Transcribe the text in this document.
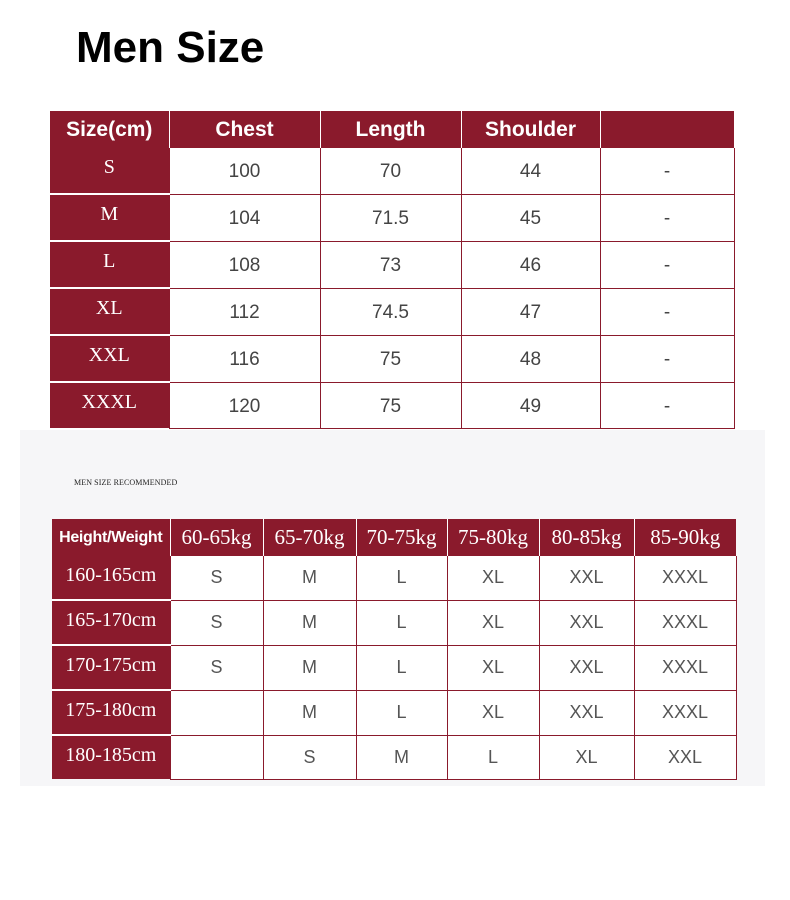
Men Size
Size(cm)	Chest	Length	Shoulder	
S	100	70	44	-
M	104	71.5	45	-
L	108	73	46	-
XL	112	74.5	47	-
XXL	116	75	48	-
XXXL	120	75	49	-
MEN SIZE RECOMMENDED
Height/Weight	60-65kg	65-70kg	70-75kg	75-80kg	80-85kg	85-90kg
160-165cm	S	M	L	XL	XXL	XXXL
165-170cm	S	M	L	XL	XXL	XXXL
170-175cm	S	M	L	XL	XXL	XXXL
175-180cm		M	L	XL	XXL	XXXL
180-185cm		S	M	L	XL	XXL
